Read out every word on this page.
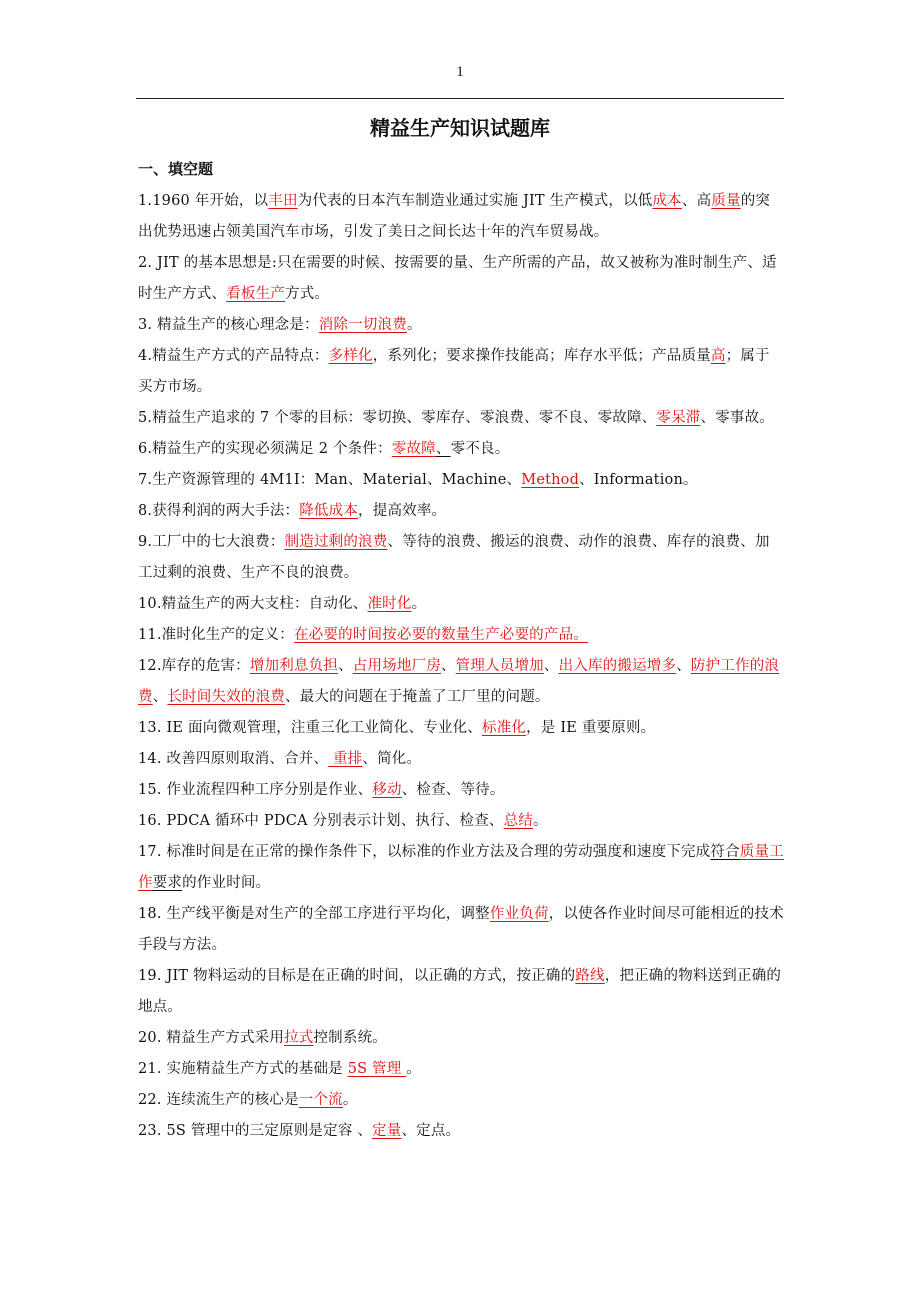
1
精益生产知识试题库
一、填空题

1.1960 年开始，以丰田为代表的日本汽车制造业通过实施 JIT 生产模式，以低成本、高质量的突出优势迅速占领美国汽车市场，引发了美日之间长达十年的汽车贸易战。

2. JIT 的基本思想是:只在需要的时候、按需要的量、生产所需的产品，故又被称为准时制生产、适时生产方式、看板生产方式。

3. 精益生产的核心理念是：消除一切浪费。

4.精益生产方式的产品特点：多样化，系列化；要求操作技能高；库存水平低；产品质量高；属于买方市场。

5.精益生产追求的 7 个零的目标：零切换、零库存、零浪费、零不良、零故障、零呆滞、零事故。

6.精益生产的实现必须满足 2 个条件：零故障、零不良。

7.生产资源管理的 4M1I：Man、Material、Machine、Method、Information。

8.获得利润的两大手法：降低成本，提高效率。

9.工厂中的七大浪费：制造过剩的浪费、等待的浪费、搬运的浪费、动作的浪费、库存的浪费、加工过剩的浪费、生产不良的浪费。

10.精益生产的两大支柱：自动化、准时化。

11.准时化生产的定义：在必要的时间按必要的数量生产必要的产品。

12.库存的危害：增加利息负担、占用场地厂房、管理人员增加、出入库的搬运增多、防护工作的浪费、长时间失效的浪费、最大的问题在于掩盖了工厂里的问题。

13. IE 面向微观管理，注重三化工业简化、专业化、标准化，是 IE 重要原则。

14. 改善四原则取消、合并、 重排、简化。

15. 作业流程四种工序分别是作业、移动、检查、等待。

16. PDCA 循环中 PDCA 分别表示计划、执行、检查、总结。

17. 标准时间是在正常的操作条件下，以标准的作业方法及合理的劳动强度和速度下完成符合质量工作要求的作业时间。

18. 生产线平衡是对生产的全部工序进行平均化，调整作业负荷，以使各作业时间尽可能相近的技术手段与方法。

19. JIT 物料运动的目标是在正确的时间，以正确的方式，按正确的路线，把正确的物料送到正确的地点。

20. 精益生产方式采用拉式控制系统。

21. 实施精益生产方式的基础是 5S 管理 。

22. 连续流生产的核心是一个流。

23. 5S 管理中的三定原则是定容 、定量、定点。
